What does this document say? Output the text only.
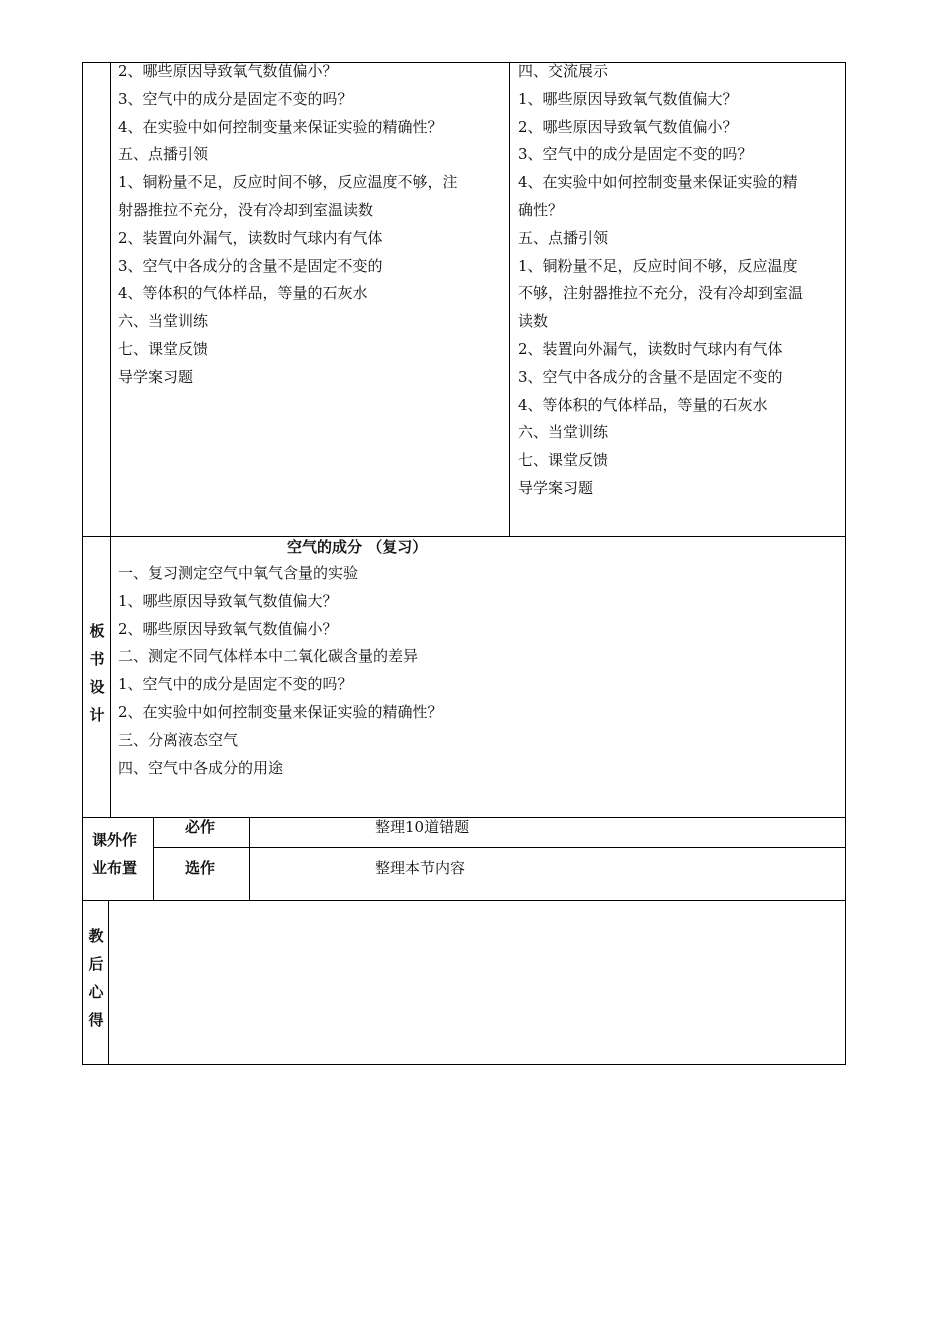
2、哪些原因导致氧气数值偏小？
3、空气中的成分是固定不变的吗？
4、在实验中如何控制变量来保证实验的精确性？
五、点播引领
1、铜粉量不足，反应时间不够，反应温度不够，注
射器推拉不充分，没有冷却到室温读数
2、装置向外漏气，读数时气球内有气体
3、空气中各成分的含量不是固定不变的
4、等体积的气体样品，等量的石灰水
六、当堂训练
七、课堂反馈
导学案习题
四、交流展示
1、哪些原因导致氧气数值偏大？
2、哪些原因导致氧气数值偏小？
3、空气中的成分是固定不变的吗？
4、在实验中如何控制变量来保证实验的精
确性？
五、点播引领
1、铜粉量不足，反应时间不够，反应温度
不够，注射器推拉不充分，没有冷却到室温
读数
2、装置向外漏气，读数时气球内有气体
3、空气中各成分的含量不是固定不变的
4、等体积的气体样品，等量的石灰水
六、当堂训练
七、课堂反馈
导学案习题
板
书
设
计
空气的成分 （复习）
一、复习测定空气中氧气含量的实验
1、哪些原因导致氧气数值偏大？
2、哪些原因导致氧气数值偏小？
二、测定不同气体样本中二氧化碳含量的差异
1、空气中的成分是固定不变的吗？
2、在实验中如何控制变量来保证实验的精确性？
三、分离液态空气
四、空气中各成分的用途
课外作
业布置
必作	整理10道错题
选作	整理本节内容
教
后
心
得
